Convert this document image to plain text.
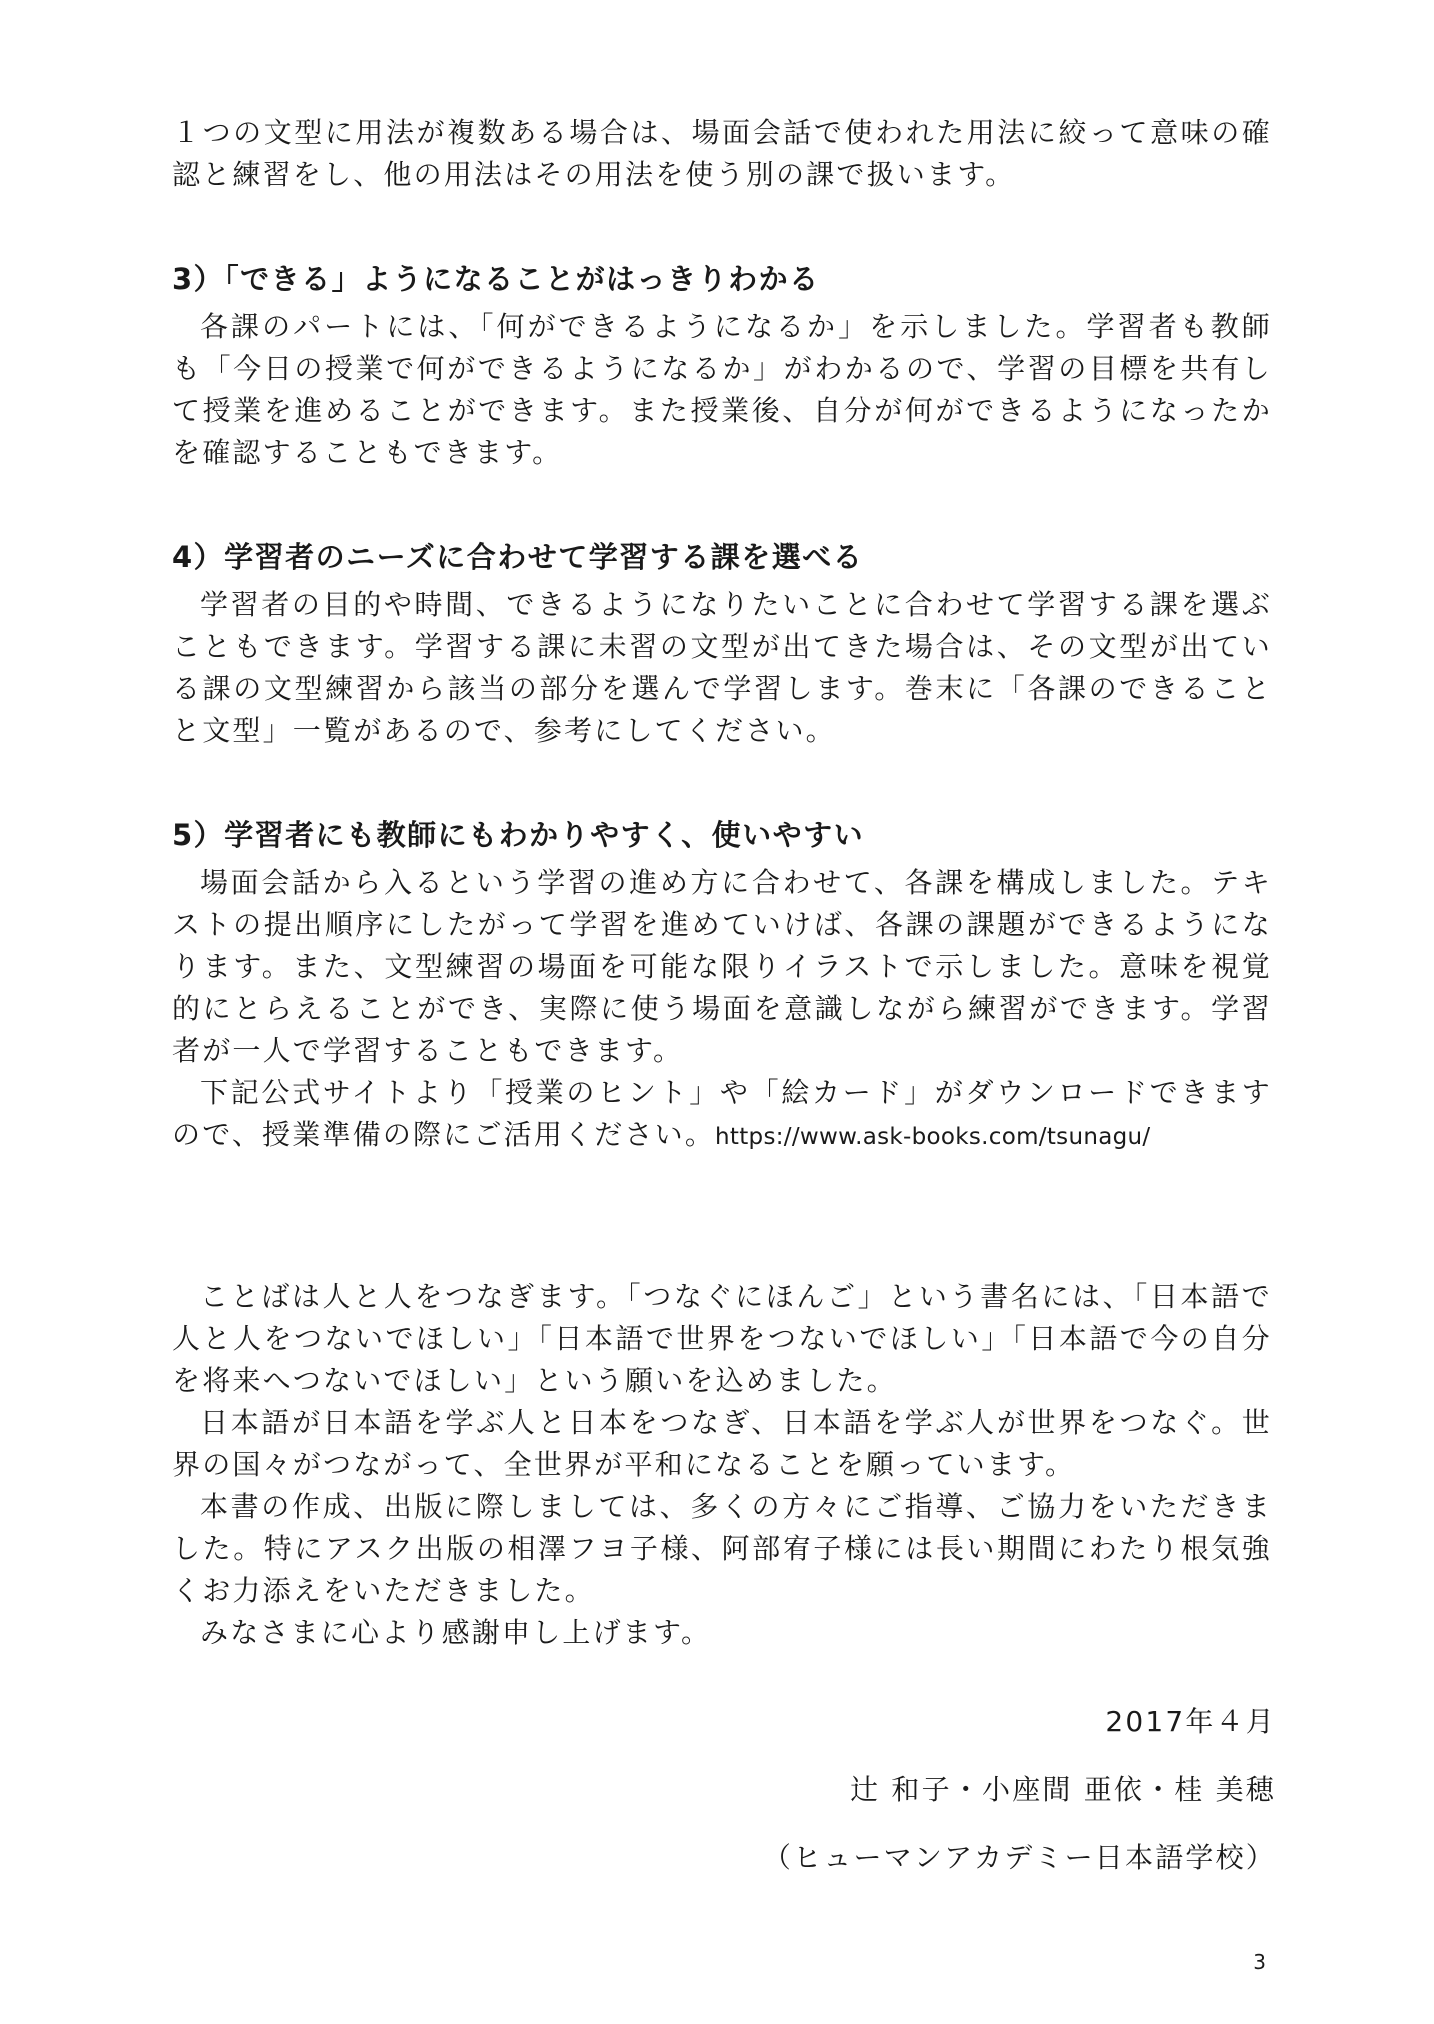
１つの文型に用法が複数ある場合は、場面会話で使われた用法に絞って意味の確認と練習をし、他の用法はその用法を使う別の課で扱います。

3）「できる」ようになることがはっきりわかる

各課のパートには、「何ができるようになるか」を示しました。学習者も教師も「今日の授業で何ができるようになるか」がわかるので、学習の目標を共有して授業を進めることができます。また授業後、自分が何ができるようになったかを確認することもできます。

4）学習者のニーズに合わせて学習する課を選べる

学習者の目的や時間、できるようになりたいことに合わせて学習する課を選ぶこともできます。学習する課に未習の文型が出てきた場合は、その文型が出ている課の文型練習から該当の部分を選んで学習します。巻末に「各課のできることと文型」一覧があるので、参考にしてください。

5）学習者にも教師にもわかりやすく、使いやすい

場面会話から入るという学習の進め方に合わせて、各課を構成しました。テキストの提出順序にしたがって学習を進めていけば、各課の課題ができるようになります。また、文型練習の場面を可能な限りイラストで示しました。意味を視覚的にとらえることができ、実際に使う場面を意識しながら練習ができます。学習者が一人で学習することもできます。

下記公式サイトより「授業のヒント」や「絵カード」がダウンロードできますので、授業準備の際にご活用ください。https://www.ask-books.com/tsunagu/

ことばは人と人をつなぎます。「つなぐにほんご」という書名には、「日本語で人と人をつないでほしい」「日本語で世界をつないでほしい」「日本語で今の自分を将来へつないでほしい」という願いを込めました。

日本語が日本語を学ぶ人と日本をつなぎ、日本語を学ぶ人が世界をつなぐ。世界の国々がつながって、全世界が平和になることを願っています。

本書の作成、出版に際しましては、多くの方々にご指導、ご協力をいただきました。特にアスク出版の相澤フヨ子様、阿部宥子様には長い期間にわたり根気強くお力添えをいただきました。

みなさまに心より感謝申し上げます。

2017年４月
辻 和子・小座間 亜依・桂 美穂
（ヒューマンアカデミー日本語学校）
3
